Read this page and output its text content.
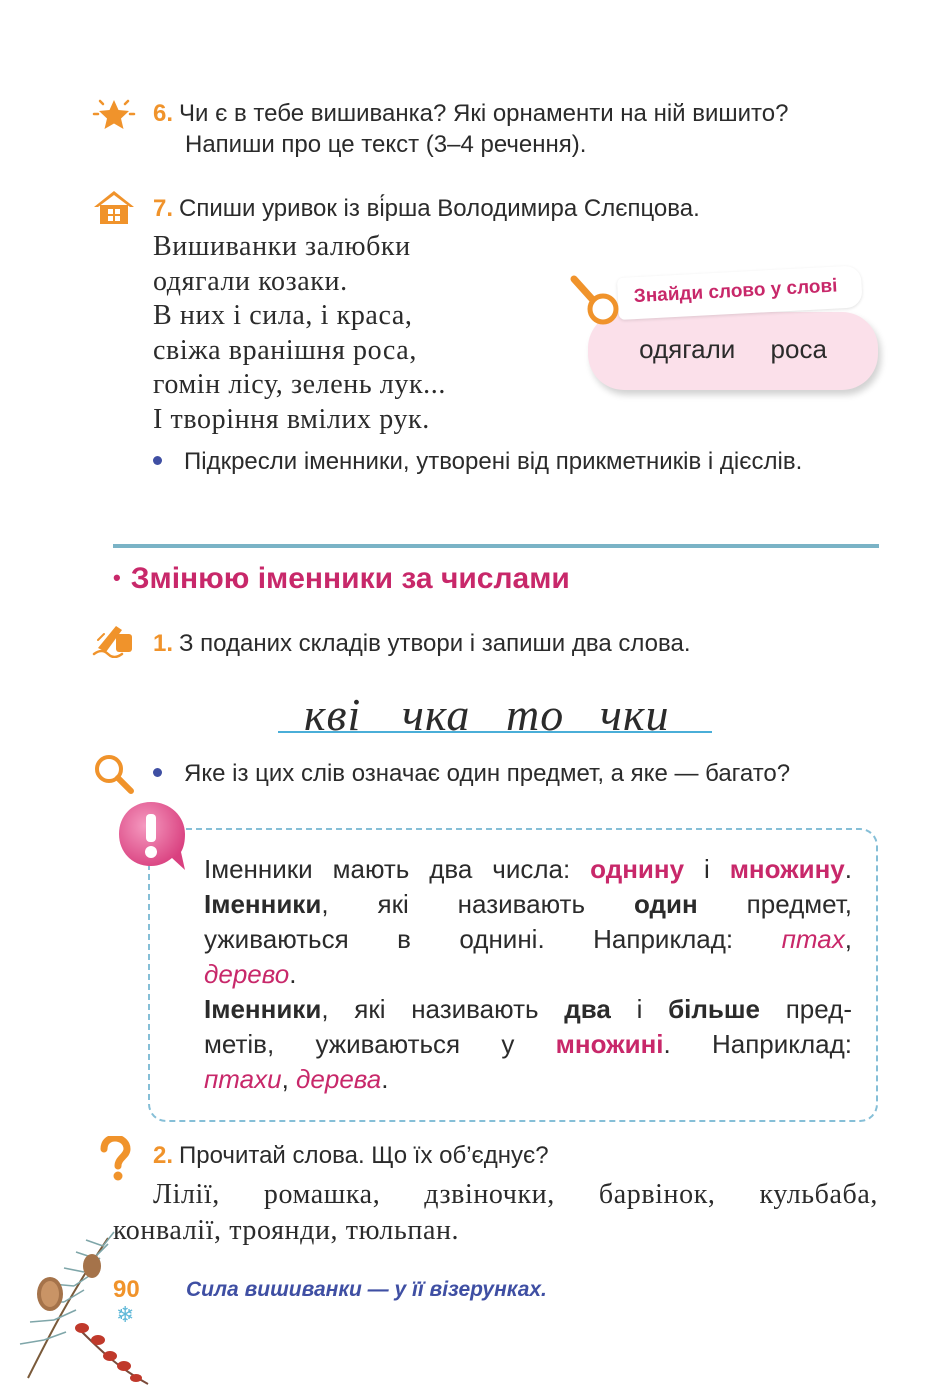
6. Чи є в тебе вишиванка? Які орнаменти на ній вишито?
Напиши про це текст (3–4 речення).
7. Спиши уривок із ві́рша Володимира Слєпцова.
Вишиванки залюбки
одягали козаки.
В них і сила, і краса,
свіжа вранішня роса,
гомін лісу, зелень лук...
І творіння вмілих рук.
одягали роса
Знайди слово у слові
Підкресли іменники, утворені від прикметників і дієслів.
• Змінюю іменники за числами
1. З поданих складів утвори і запиши два слова.
кві чка то чки
Яке із цих слів означає один предмет, а яке — багато?

Іменники мають два числа: однину і множину.

Іменники, які називають один предмет,

уживаються в однині. Наприклад: птах,

дерево.

Іменники, які називають два і більше пред-

метів, уживаються у множині. Наприклад:

птахи, дерева.

2. Прочитай слова. Що їх об’єднує?
Лілії, ромашка, дзвіночки, барвінок, кульбаба,
конвалії, троянди, тюльпан.
90
❄
Сила вишиванки — у її візерунках.
